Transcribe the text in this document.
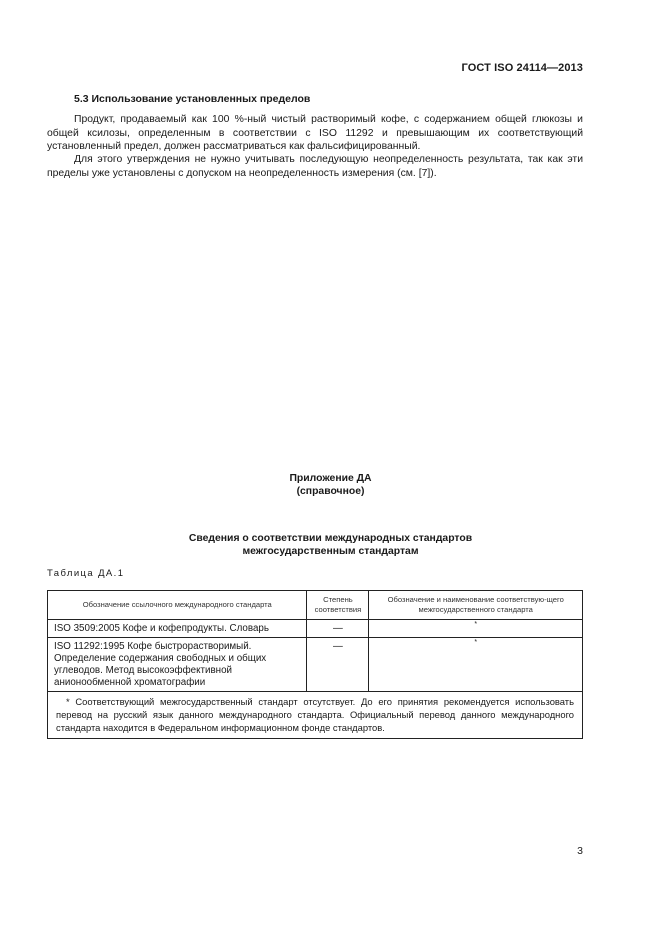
ГОСТ ISO 24114—2013
5.3 Использование установленных пределов

Продукт, продаваемый как 100 %-ный чистый растворимый кофе, с содержанием общей глюкозы и общей ксилозы, определенным в соответствии с ISO 11292 и превышающим их соответствующий установленный предел, должен рассматриваться как фальсифицированный.

Для этого утверждения не нужно учитывать последующую неопределенность результата, так как эти пределы уже установлены с допуском на неопределенность измерения (см. [7]).

Приложение ДА
(справочное)
Сведения о соответствии международных стандартов
межгосударственным стандартам
Таблица ДА.1
Обозначение ссылочного международного стандарта	Степень соответствия	Обозначение и наименование соответствую-щего межгосударственного стандарта
ISO 3509:2005 Кофе и кофепродукты. Словарь	—	*
ISO 11292:1995 Кофе быстрорастворимый. Определение содержания свободных и общих углеводов. Метод высокоэффективной анионообменной хроматографии	—	*
* Соответствующий межгосударственный стандарт отсутствует. До его принятия рекомендуется использовать перевод на русский язык данного международного стандарта. Официальный перевод данного международного стандарта находится в Федеральном информационном фонде стандартов.		
3
